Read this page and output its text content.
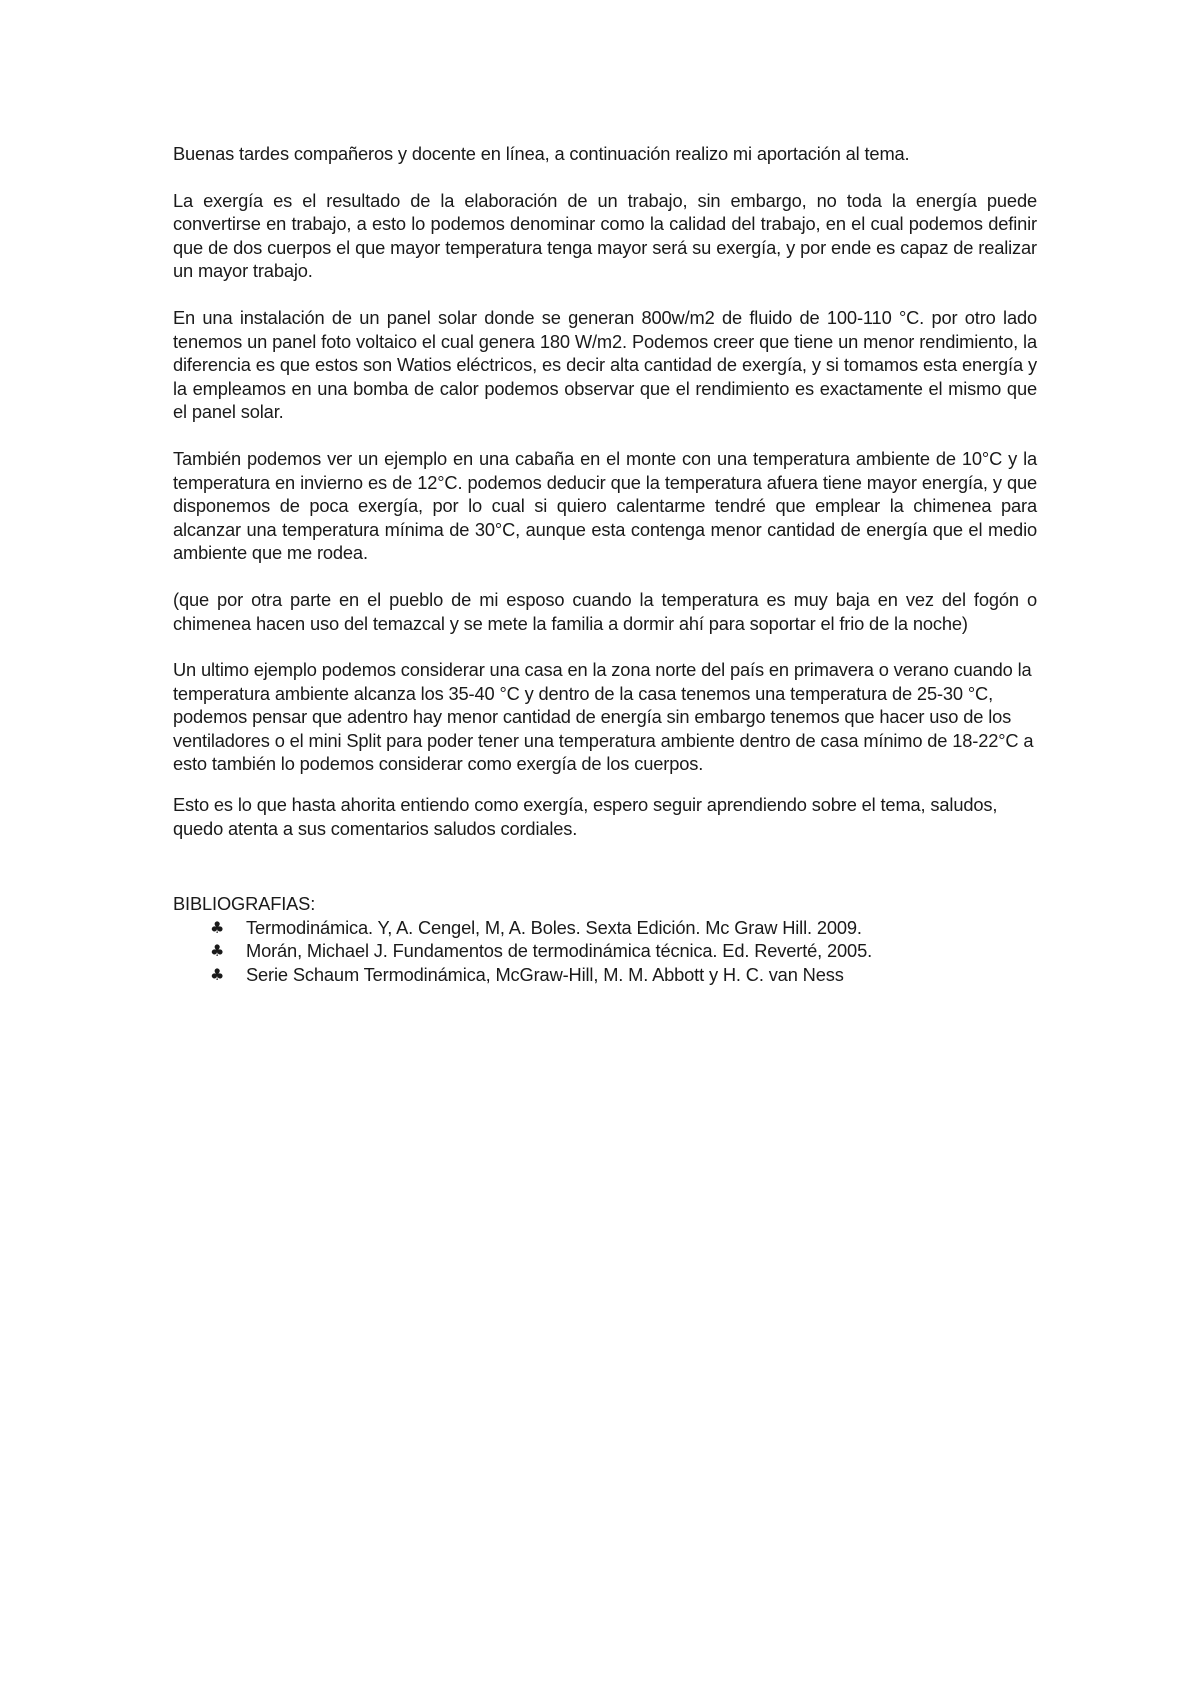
Buenas tardes compañeros y docente en línea, a continuación realizo mi aportación al tema.

La exergía es el resultado de la elaboración de un trabajo, sin embargo, no toda la energía puede convertirse en trabajo, a esto lo podemos denominar como la calidad del trabajo, en el cual podemos definir que de dos cuerpos el que mayor temperatura tenga mayor será su exergía, y por ende es capaz de realizar un mayor trabajo.

En una instalación de un panel solar donde se generan 800w/m2 de fluido de 100-110 °C. por otro lado tenemos un panel foto voltaico el cual genera 180 W/m2. Podemos creer que tiene un menor rendimiento, la diferencia es que estos son Watios eléctricos, es decir alta cantidad de exergía, y si tomamos esta energía y la empleamos en una bomba de calor podemos observar que el rendimiento es exactamente el mismo que el panel solar.

También podemos ver un ejemplo en una cabaña en el monte con una temperatura ambiente de 10°C y la temperatura en invierno es de 12°C. podemos deducir que la temperatura afuera tiene mayor energía, y que disponemos de poca exergía, por lo cual si quiero calentarme tendré que emplear la chimenea para alcanzar una temperatura mínima de 30°C, aunque esta contenga menor cantidad de energía que el medio ambiente que me rodea.

(que por otra parte en el pueblo de mi esposo cuando la temperatura es muy baja en vez del fogón o chimenea hacen uso del temazcal y se mete la familia a dormir ahí para soportar el frio de la noche)

Un ultimo ejemplo podemos considerar una casa en la zona norte del país en primavera o verano cuando la temperatura ambiente alcanza los 35-40 °C y dentro de la casa tenemos una temperatura de 25-30 °C, podemos pensar que adentro hay menor cantidad de energía sin embargo tenemos que hacer uso de los ventiladores o el mini Split para poder tener una temperatura ambiente dentro de casa mínimo de 18-22°C a esto también lo podemos considerar como exergía de los cuerpos.

Esto es lo que hasta ahorita entiendo como exergía, espero seguir aprendiendo sobre el tema, saludos, quedo atenta a sus comentarios saludos cordiales.

BIBLIOGRAFIAS:

♣ Termodinámica. Y, A. Cengel, M, A. Boles. Sexta Edición. Mc Graw Hill. 2009.
♣ Morán, Michael J. Fundamentos de termodinámica técnica. Ed. Reverté, 2005.
♣ Serie Schaum Termodinámica, McGraw-Hill, M. M. Abbott y H. C. van Ness
